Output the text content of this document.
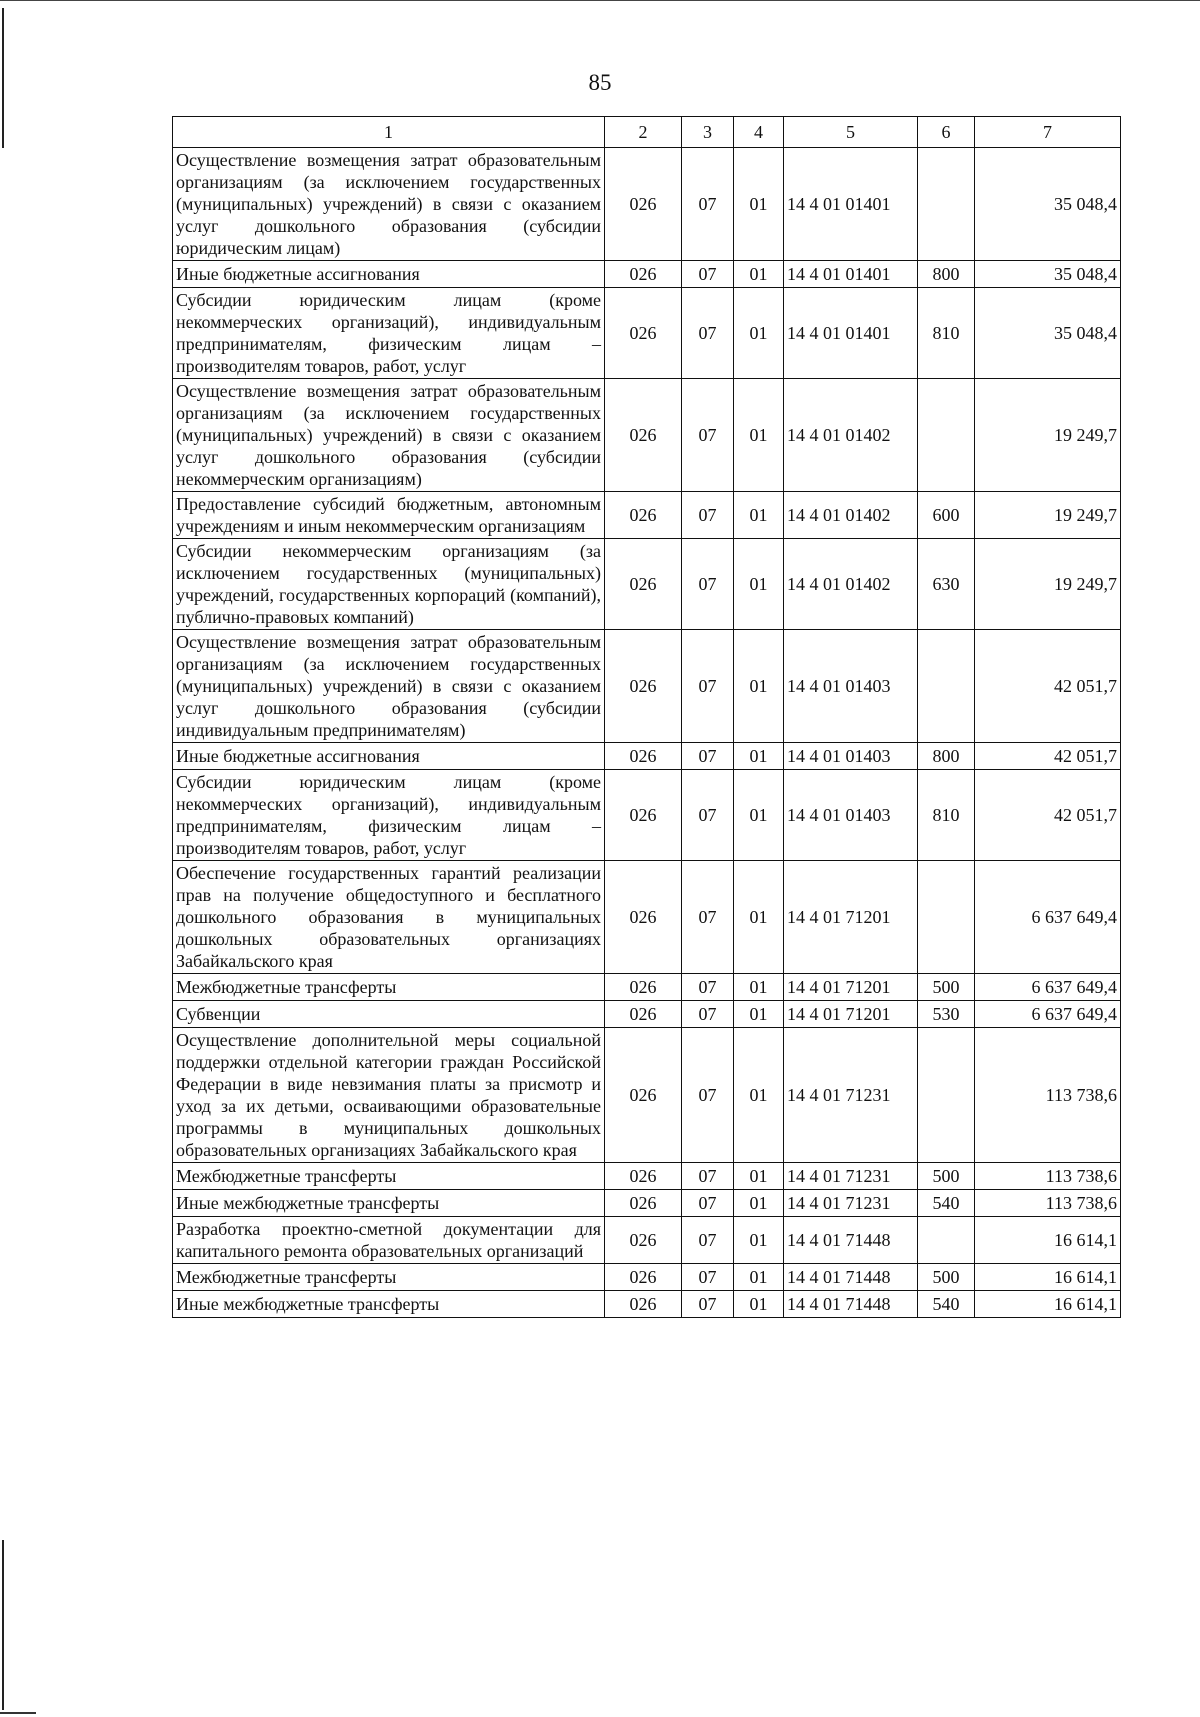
85
1	2	3	4	5	6	7
Осуществление возмещения затрат образовательным организациям (за исключением государственных (муниципальных) учреждений) в связи с оказанием услуг дошкольного образования (субсидии юридическим лицам)	026	07	01	14 4 01 01401		35 048,4
Иные бюджетные ассигнования	026	07	01	14 4 01 01401	800	35 048,4
Субсидии юридическим лицам (кроме некоммерческих организаций), индивидуальным предпринимателям, физическим лицам – производителям товаров, работ, услуг	026	07	01	14 4 01 01401	810	35 048,4
Осуществление возмещения затрат образовательным организациям (за исключением государственных (муниципальных) учреждений) в связи с оказанием услуг дошкольного образования (субсидии некоммерческим организациям)	026	07	01	14 4 01 01402		19 249,7
Предоставление субсидий бюджетным, автономным учреждениям и иным некоммерческим организациям	026	07	01	14 4 01 01402	600	19 249,7
Субсидии некоммерческим организациям (за исключением государственных (муниципальных) учреждений, государственных корпораций (компаний), публично-правовых компаний)	026	07	01	14 4 01 01402	630	19 249,7
Осуществление возмещения затрат образовательным организациям (за исключением государственных (муниципальных) учреждений) в связи с оказанием услуг дошкольного образования (субсидии индивидуальным предпринимателям)	026	07	01	14 4 01 01403		42 051,7
Иные бюджетные ассигнования	026	07	01	14 4 01 01403	800	42 051,7
Субсидии юридическим лицам (кроме некоммерческих организаций), индивидуальным предпринимателям, физическим лицам – производителям товаров, работ, услуг	026	07	01	14 4 01 01403	810	42 051,7
Обеспечение государственных гарантий реализации прав на получение общедоступного и бесплатного дошкольного образования в муниципальных дошкольных образовательных организациях Забайкальского края	026	07	01	14 4 01 71201		6 637 649,4
Межбюджетные трансферты	026	07	01	14 4 01 71201	500	6 637 649,4
Субвенции	026	07	01	14 4 01 71201	530	6 637 649,4
Осуществление дополнительной меры социальной поддержки отдельной категории граждан Российской Федерации в виде невзимания платы за присмотр и уход за их детьми, осваивающими образовательные программы в муниципальных дошкольных образовательных организациях Забайкальского края	026	07	01	14 4 01 71231		113 738,6
Межбюджетные трансферты	026	07	01	14 4 01 71231	500	113 738,6
Иные межбюджетные трансферты	026	07	01	14 4 01 71231	540	113 738,6
Разработка проектно-сметной документации для капитального ремонта образовательных организаций	026	07	01	14 4 01 71448		16 614,1
Межбюджетные трансферты	026	07	01	14 4 01 71448	500	16 614,1
Иные межбюджетные трансферты	026	07	01	14 4 01 71448	540	16 614,1
